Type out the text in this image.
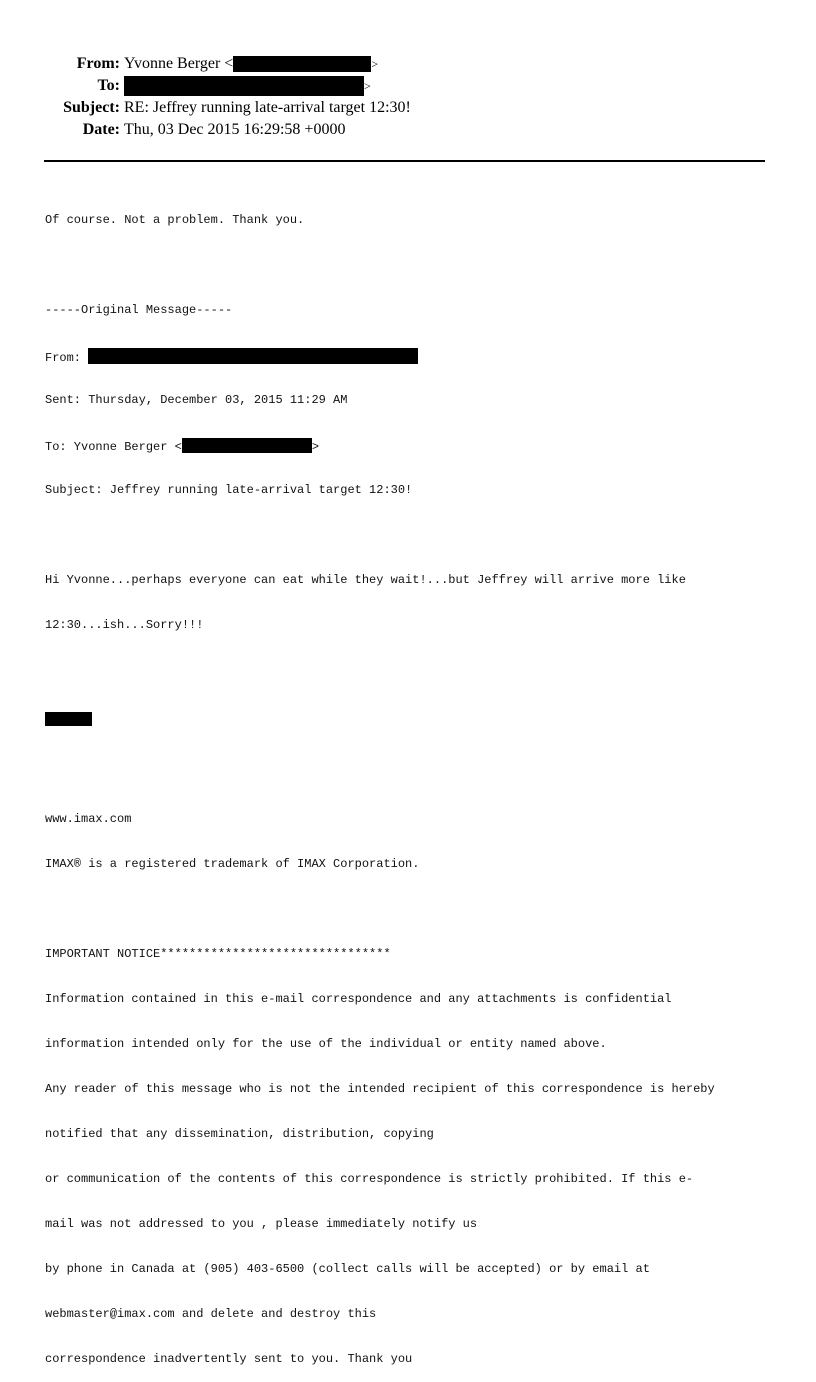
From: Yvonne Berger <	>
To:	>
Subject: RE: Jeffrey running late-arrival target 12:30!
Date: Thu, 03 Dec 2015 16:29:58 +0000

Of course. Not a problem. Thank you.

-----Original Message-----

From:

Sent: Thursday, December 03, 2015 11:29 AM

To: Yvonne Berger <	>

Subject: Jeffrey running late-arrival target 12:30!

Hi Yvonne...perhaps everyone can eat while they wait!...but Jeffrey will arrive more like

12:30...ish...Sorry!!!

www.imax.com

IMAX® is a registered trademark of IMAX Corporation.

IMPORTANT NOTICE********************************

Information contained in this e-mail correspondence and any attachments is confidential

information intended only for the use of the individual or entity named above.

Any reader of this message who is not the intended recipient of this correspondence is hereby

notified that any dissemination, distribution, copying

or communication of the contents of this correspondence is strictly prohibited. If this e-

mail was not addressed to you , please immediately notify us

by phone in Canada at (905) 403-6500 (collect calls will be accepted) or by email at

webmaster@imax.com and delete and destroy this

correspondence inadvertently sent to you. Thank you
